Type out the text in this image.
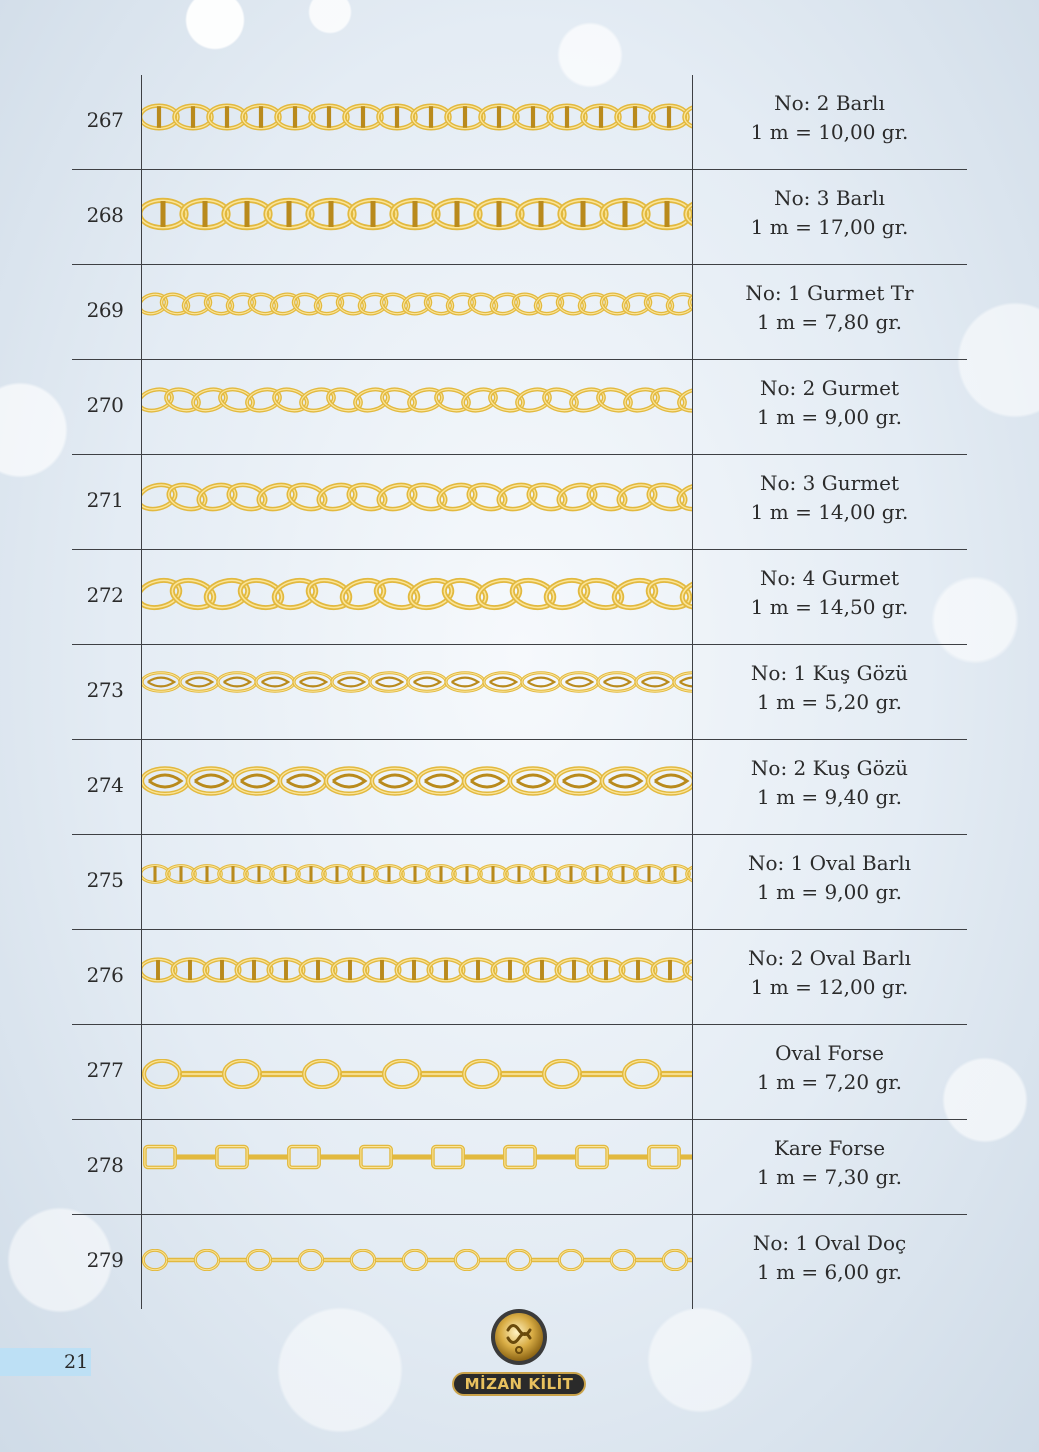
267
No: 2 Barlı
1 m = 10,00 gr.
268
No: 3 Barlı
1 m = 17,00 gr.
269
No: 1 Gurmet Tr
1 m = 7,80 gr.
270
No: 2 Gurmet
1 m = 9,00 gr.
271
No: 3 Gurmet
1 m = 14,00 gr.
272
No: 4 Gurmet
1 m = 14,50 gr.
273
No: 1 Kuş Gözü
1 m = 5,20 gr.
274
No: 2 Kuş Gözü
1 m = 9,40 gr.
275
No: 1 Oval Barlı
1 m = 9,00 gr.
276
No: 2 Oval Barlı
1 m = 12,00 gr.
277
Oval Forse
1 m = 7,20 gr.
278
Kare Forse
1 m = 7,30 gr.
279
No: 1 Oval Doç
1 m = 6,00 gr.
MİZAN KİLİT
21
